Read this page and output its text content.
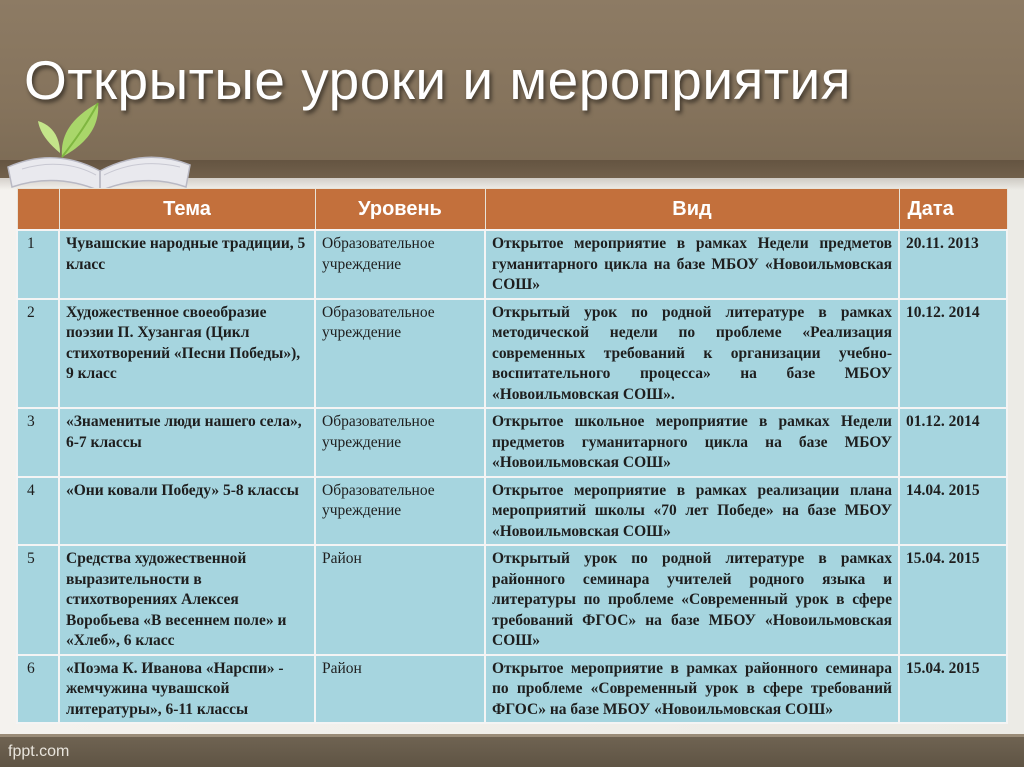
Открытые уроки и мероприятия
	Тема	Уровень	Вид	Дата
1	Чувашские народные традиции, 5 класс	Образовательное учреждение	Открытое мероприятие в рамках Недели предметов гуманитарного цикла на базе МБОУ «Новоильмовская СОШ»	20.11. 2013
2	Художественное своеобразие поэзии П. Хузангая (Цикл стихотворений «Песни Победы»), 9 класс	Образовательное учреждение	Открытый урок по родной литературе в рамках методической недели по проблеме «Реализация современных требований к организации учебно-воспитательного процесса» на базе МБОУ «Новоильмовская СОШ».	10.12. 2014
3	«Знаменитые люди нашего села», 6-7 классы	Образовательное учреждение	Открытое школьное мероприятие в рамках Недели предметов гуманитарного цикла на базе МБОУ «Новоильмовская СОШ»	01.12. 2014
4	«Они ковали Победу» 5-8 классы	Образовательное учреждение	Открытое мероприятие в рамках реализации плана мероприятий школы «70 лет Победе» на базе МБОУ «Новоильмовская СОШ»	14.04. 2015
5	Средства художественной выразительности в стихотворениях Алексея Воробьева «В весеннем поле» и «Хлеб», 6 класс	Район	Открытый урок по родной литературе в рамках районного семинара учителей родного языка и литературы по проблеме «Современный урок в сфере требований ФГОС» на базе МБОУ «Новоильмовская СОШ»	15.04. 2015
6	«Поэма К. Иванова «Нарспи» - жемчужина чувашской литературы», 6-11 классы	Район	Открытое мероприятие в рамках районного семинара по проблеме «Современный урок в сфере требований ФГОС» на базе МБОУ «Новоильмовская СОШ»	15.04. 2015
fppt.com
